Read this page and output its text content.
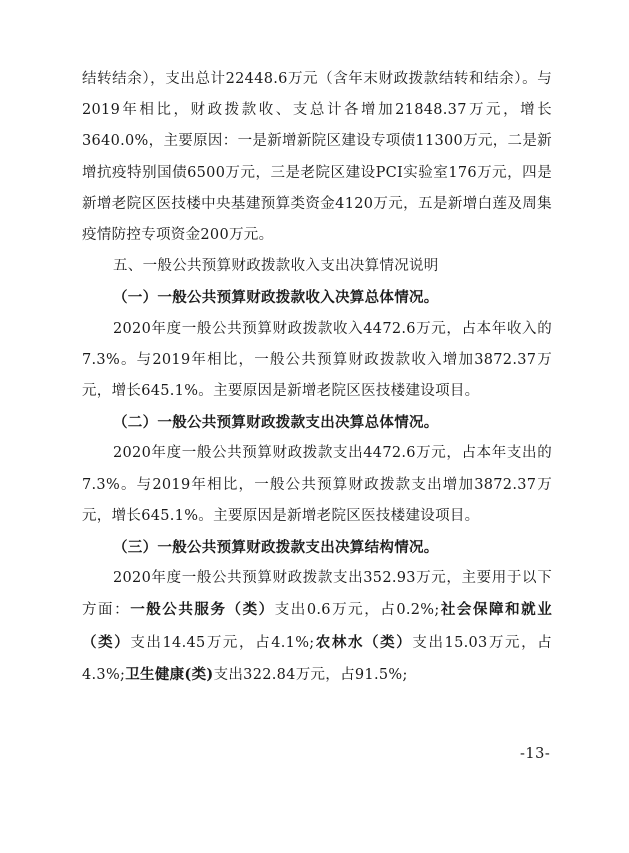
结转结余），支出总计22448.6万元（含年末财政拨款结转和结余）。与2019年相比，财政拨款收、支总计各增加21848.37万元，增长3640.0%，主要原因：一是新增新院区建设专项债11300万元，二是新增抗疫特别国债6500万元，三是老院区建设PCI实验室176万元，四是新增老院区医技楼中央基建预算类资金4120万元，五是新增白莲及周集疫情防控专项资金200万元。

五、一般公共预算财政拨款收入支出决算情况说明

（一）一般公共预算财政拨款收入决算总体情况。

2020年度一般公共预算财政拨款收入4472.6万元，占本年收入的7.3%。与2019年相比，一般公共预算财政拨款收入增加3872.37万元，增长645.1%。主要原因是新增老院区医技楼建设项目。

（二）一般公共预算财政拨款支出决算总体情况。

2020年度一般公共预算财政拨款支出4472.6万元，占本年支出的7.3%。与2019年相比，一般公共预算财政拨款支出增加3872.37万元，增长645.1%。主要原因是新增老院区医技楼建设项目。

（三）一般公共预算财政拨款支出决算结构情况。

2020年度一般公共预算财政拨款支出352.93万元，主要用于以下方面：一般公共服务（类）支出0.6万元，占0.2%;社会保障和就业（类）支出14.45万元，占4.1%;农林水（类）支出15.03万元，占4.3%;卫生健康(类)支出322.84万元，占91.5%;

-13-
